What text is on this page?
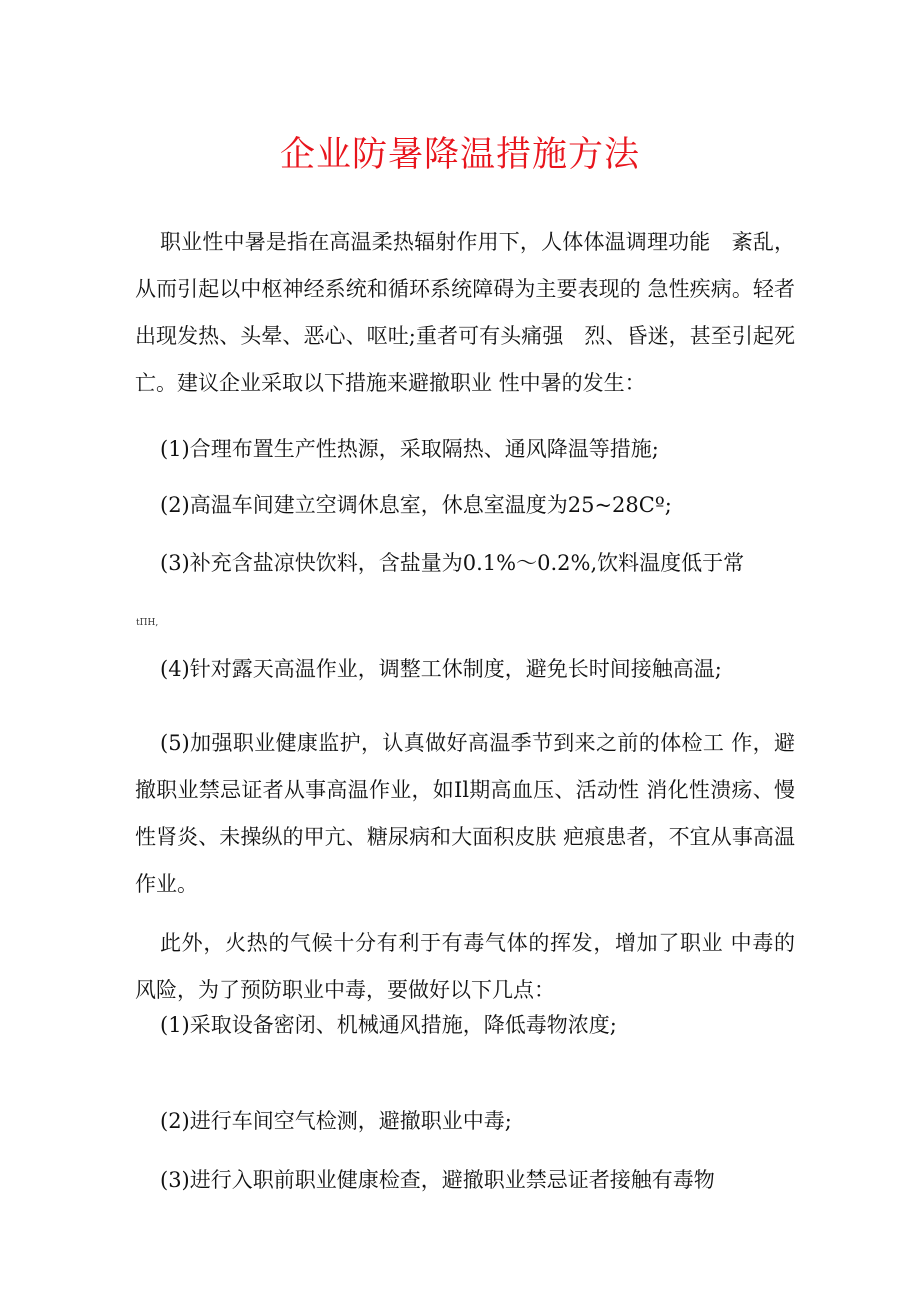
企业防暑降温措施方法

职业性中暑是指在高温柔热辐射作用下，人体体温调理功能　紊乱，从而引起以中枢神经系统和循环系统障碍为主要表现的 急性疾病。轻者出现发热、头晕、恶心、呕吐;重者可有头痛强　烈、昏迷，甚至引起死亡。建议企业采取以下措施来避撤职业 性中暑的发生：

(1)合理布置生产性热源，采取隔热、通风降温等措施;

(2)高温车间建立空调休息室，休息室温度为25~28Cº;

(3)补充含盐凉快饮料，含盐量为0.1%～0.2%,饮料温度低于常

tΠH,

(4)针对露天高温作业，调整工休制度，避免长时间接触高温;

(5)加强职业健康监护，认真做好高温季节到来之前的体检工 作，避撤职业禁忌证者从事高温作业，如Il期高血压、活动性 消化性溃疡、慢性肾炎、未操纵的甲亢、糖尿病和大面积皮肤 疤痕患者，不宜从事高温作业。

此外，火热的气候十分有利于有毒气体的挥发，增加了职业 中毒的风险，为了预防职业中毒，要做好以下几点：

(1)采取设备密闭、机械通风措施，降低毒物浓度;

(2)进行车间空气检测，避撤职业中毒;

(3)进行入职前职业健康检查，避撤职业禁忌证者接触有毒物
